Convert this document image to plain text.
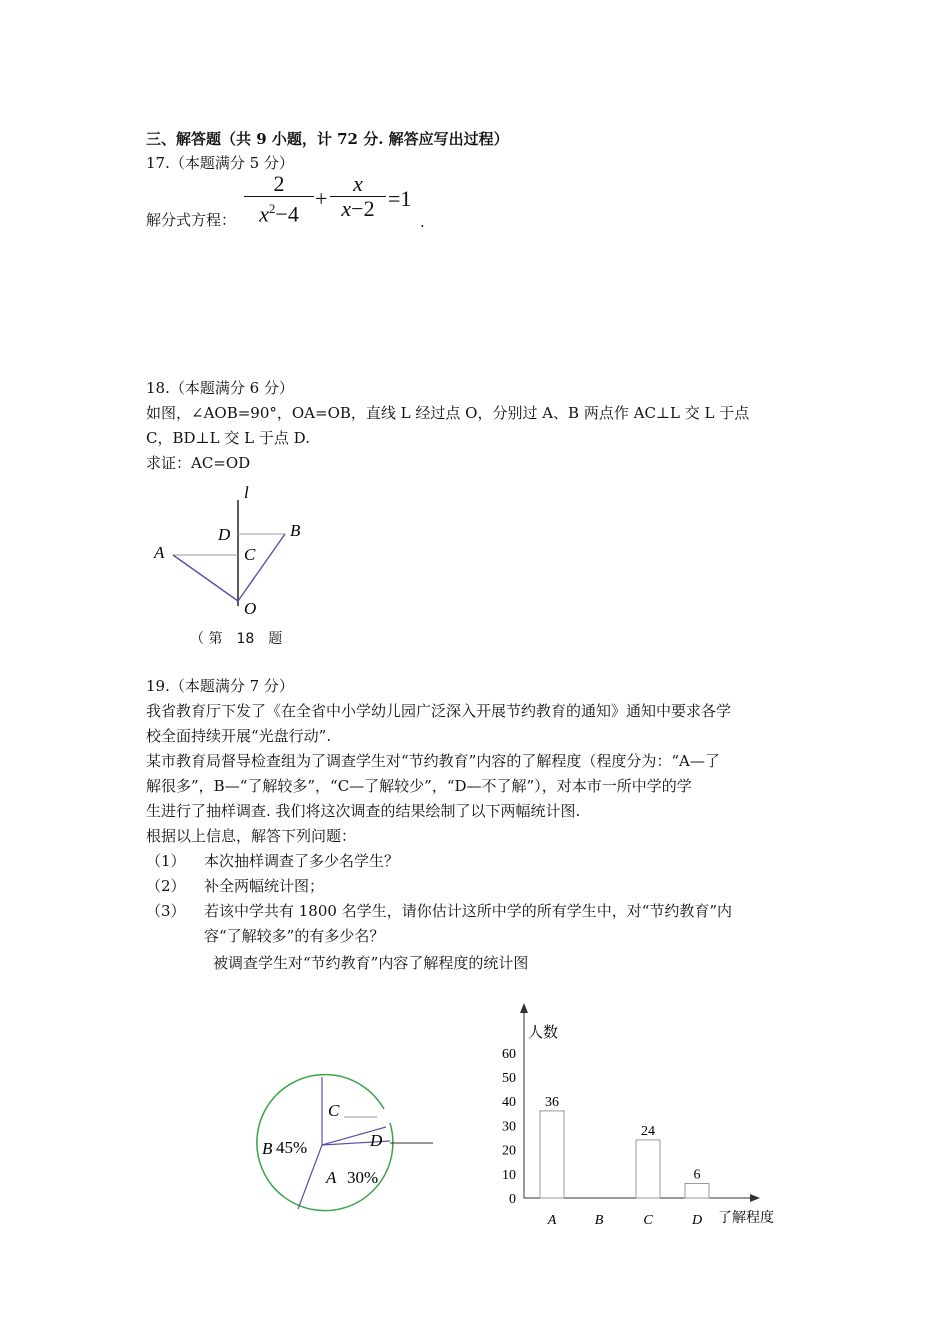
三、解答题（共 9 小题，计 72 分. 解答应写出过程）
17.（本题满分 5 分）
解分式方程： $\frac{2}{x^2-4} + \frac{x}{x-2} =1$
.
18.（本题满分 6 分）
如图，∠AOB=90°，OA=OB，直线 L 经过点 O，分别过 A、B 两点作 AC⊥L 交 L 于点
C，BD⊥L 交 L 于点 D.
求证：AC=OD
l
D	B
A	C
O
（ 第　18　题
19.（本题满分 7 分）
我省教育厅下发了《在全省中小学幼儿园广泛深入开展节约教育的通知》通知中要求各学
校全面持续开展“光盘行动”.
某市教育局督导检查组为了调查学生对“节约教育”内容的了解程度（程度分为：“A—了
解很多”，B—“了解较多”，“C—了解较少”，“D—不了解”），对本市一所中学的学
生进行了抽样调查. 我们将这次调查的结果绘制了以下两幅统计图.
根据以上信息，解答下列问题：
（1） 本次抽样调查了多少名学生？
（2） 补全两幅统计图；
（3） 若该中学共有 1800 名学生，请你估计这所中学的所有学生中，对“节约教育”内
容“了解较多”的有多少名？
被调查学生对“节约教育”内容了解程度的统计图
C
D
B 45%
A 30%
人数
了解程度
0
10
20
30
40
50
60
36
A	B
24
C
6
D
